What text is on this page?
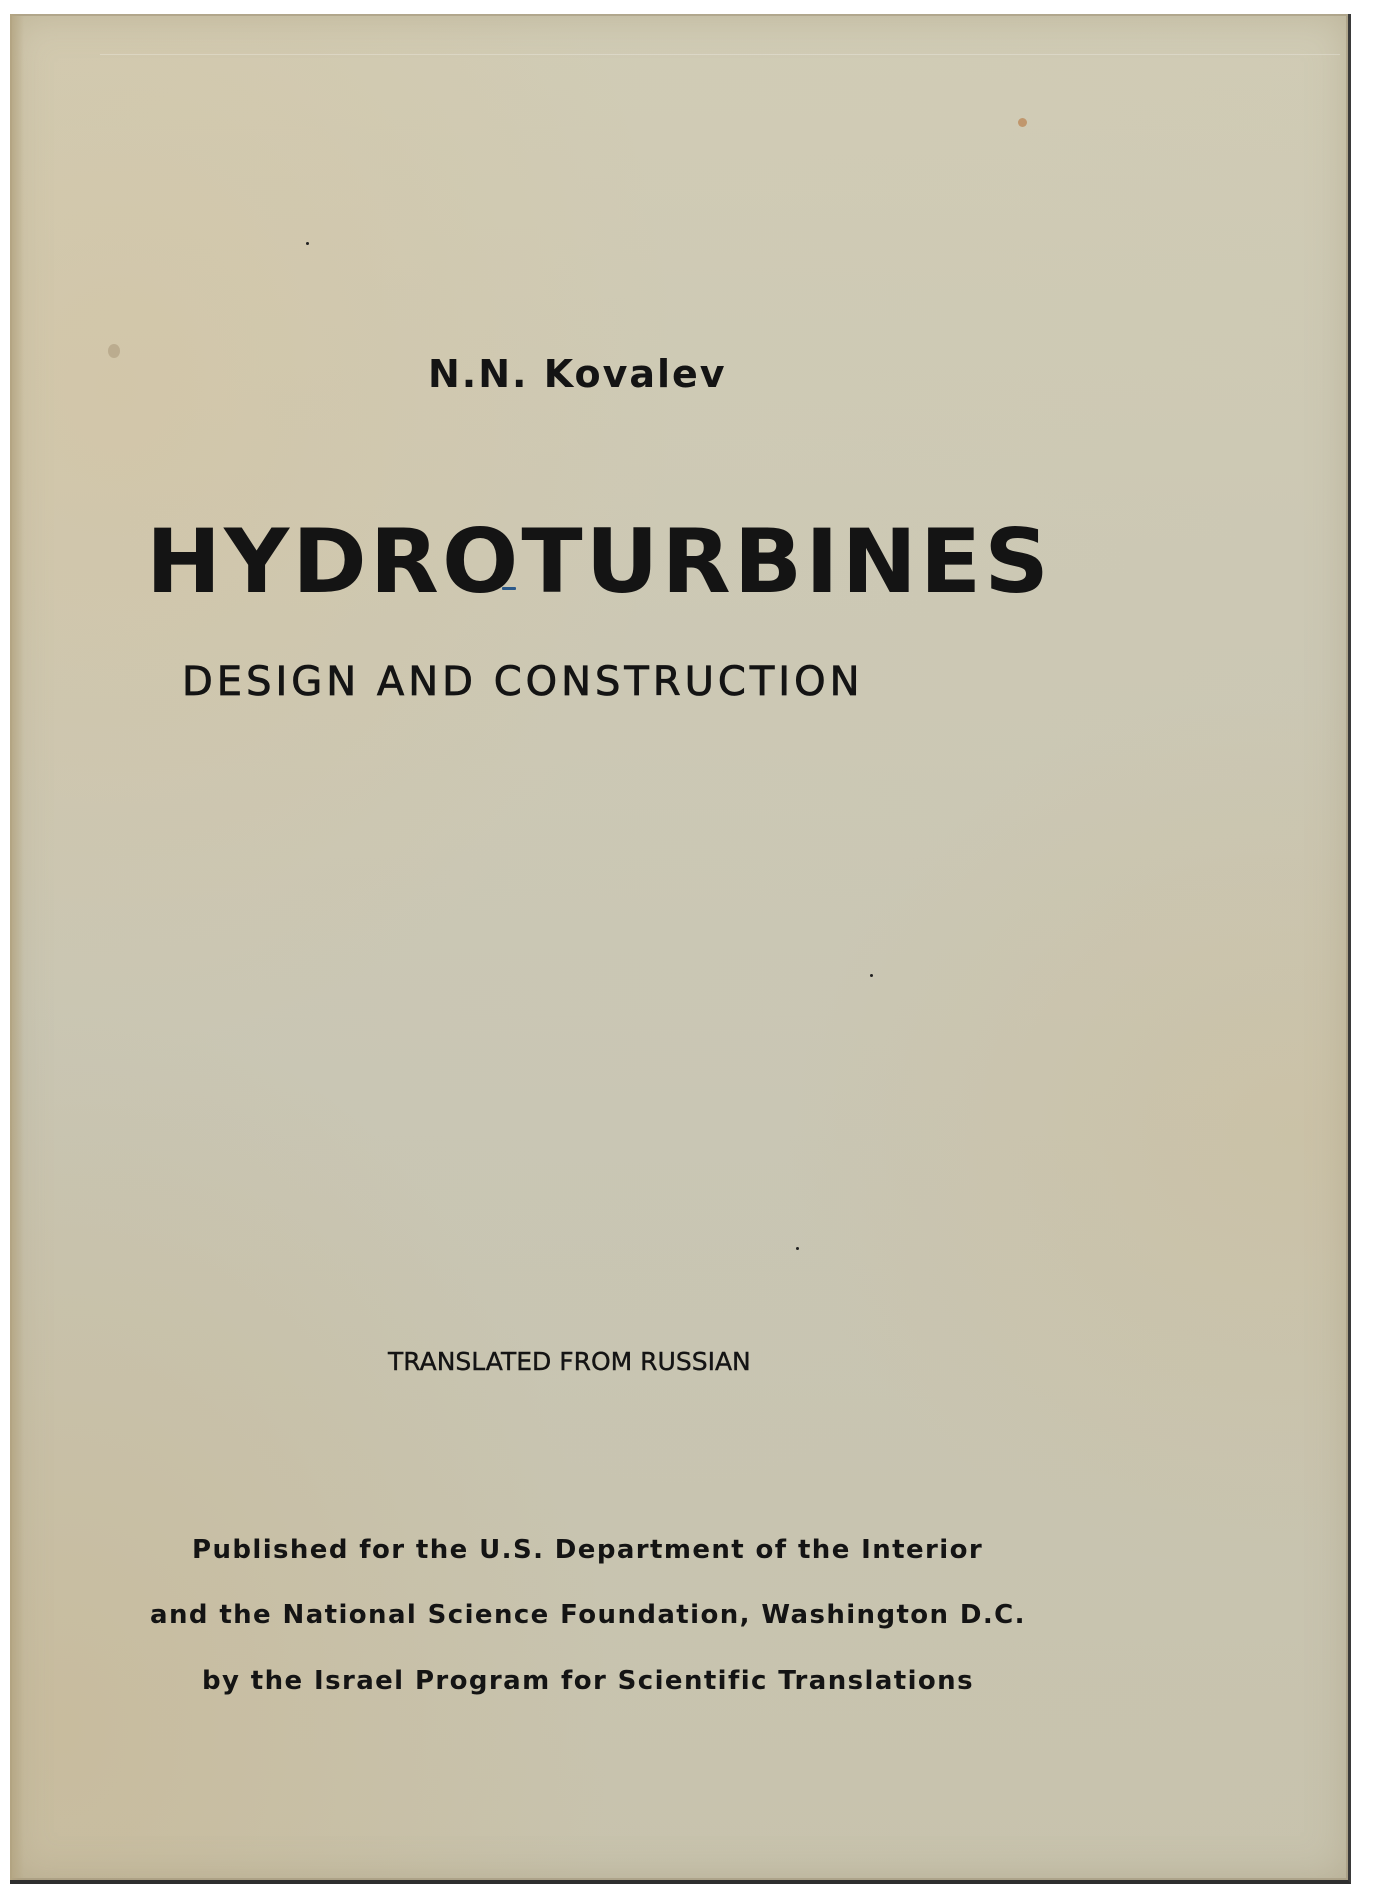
N.N. Kovalev
HYDROTURBINES
DESIGN AND CONSTRUCTION
TRANSLATED FROM RUSSIAN
Published for the U.S. Department of the Interior
and the National Science Foundation, Washington D.C.
by the Israel Program for Scientific Translations
